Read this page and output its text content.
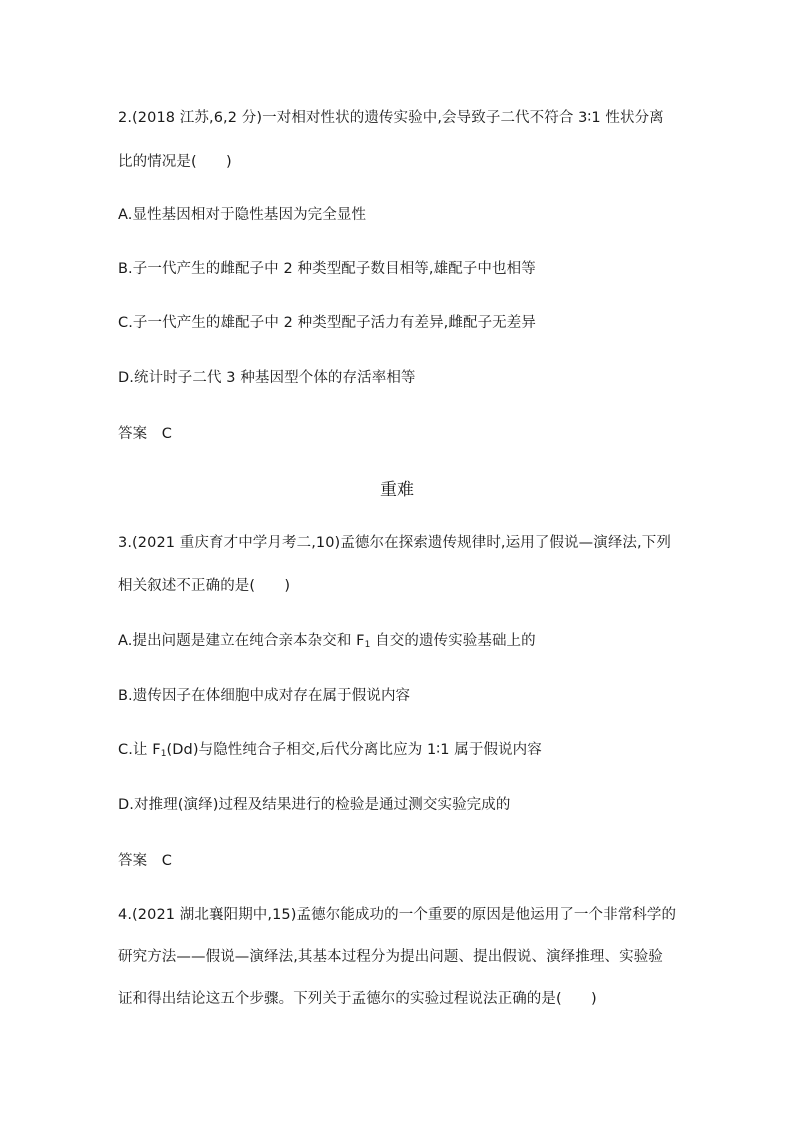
2.(2018 江苏,6,2 分)一对相对性状的遗传实验中,会导致子二代不符合 3∶1 性状分离
比的情况是(　　)
A.显性基因相对于隐性基因为完全显性
B.子一代产生的雌配子中 2 种类型配子数目相等,雄配子中也相等
C.子一代产生的雄配子中 2 种类型配子活力有差异,雌配子无差异
D.统计时子二代 3 种基因型个体的存活率相等
答案　C
重难
3.(2021 重庆育才中学月考二,10)孟德尔在探索遗传规律时,运用了假说—演绎法,下列
相关叙述不正确的是(　　)
A.提出问题是建立在纯合亲本杂交和 $F_1$ 自交的遗传实验基础上的
B.遗传因子在体细胞中成对存在属于假说内容
C.让 $F_1(Dd)$与隐性纯合子相交,后代分离比应为 1∶1 属于假说内容
D.对推理(演绎)过程及结果进行的检验是通过测交实验完成的
答案　C
4.(2021 湖北襄阳期中,15)孟德尔能成功的一个重要的原因是他运用了一个非常科学的
研究方法——假说—演绎法,其基本过程分为提出问题、提出假说、演绎推理、实验验
证和得出结论这五个步骤。下列关于孟德尔的实验过程说法正确的是(　　)
